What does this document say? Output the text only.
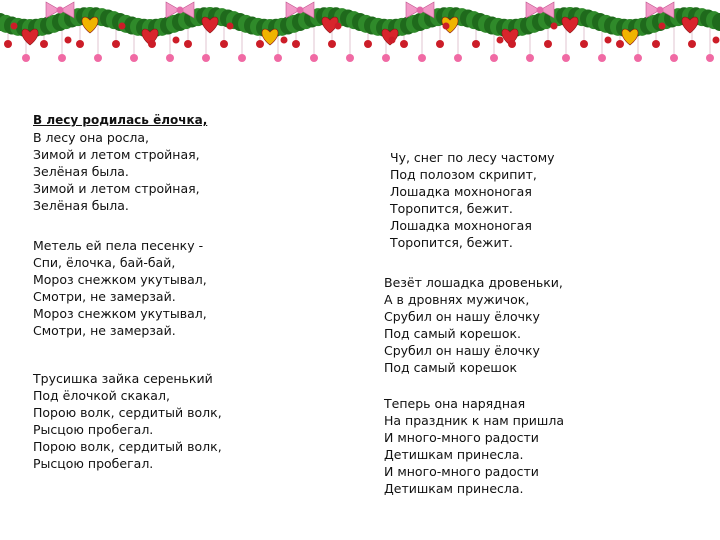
В лесу родилась ёлочка,
В лесу она росла,
Зимой и летом стройная,
Зелёная была.
Зимой и летом стройная,
Зелёная была.
Метель ей пела песенку -
Спи, ёлочка, бай-бай,
Мороз снежком укутывал,
Смотри, не замерзай.
Мороз снежком укутывал,
Смотри, не замерзай.
Трусишка зайка серенький
Под ёлочкой скакал,
Порою волк, сердитый волк,
Рысцою пробегал.
Порою волк, сердитый волк,
Рысцою пробегал.
Чу, снег по лесу частому
Под полозом скрипит,
Лошадка мохноногая
Торопится, бежит.
Лошадка мохноногая
Торопится, бежит.
Везёт лошадка дровеньки,
А в дровнях мужичок,
Срубил он нашу ёлочку
Под самый корешок.
Срубил он нашу ёлочку
Под самый корешок
Теперь она нарядная
На праздник к нам пришла
И много-много радости
Детишкам принесла.
И много-много радости
Детишкам принесла.
